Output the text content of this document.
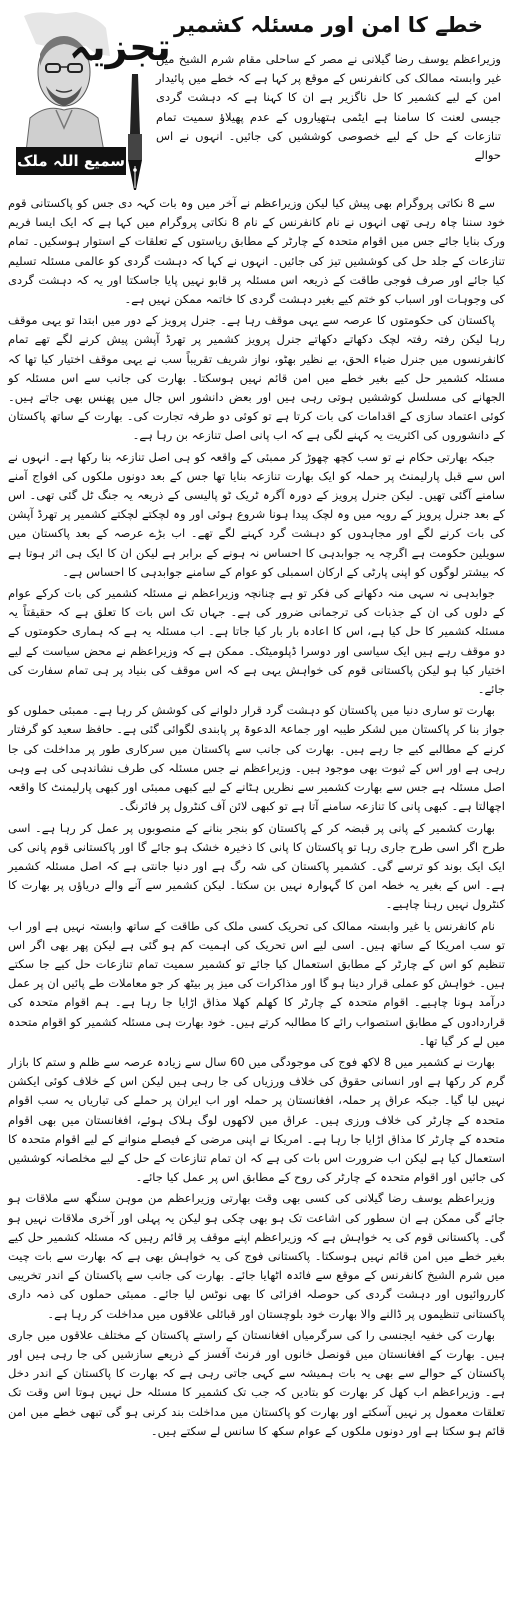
تجزیہ
سمیع اللہ ملک
خطے کا امن اور مسئلہ کشمیر
وزیراعظم یوسف رضا گیلانی نے مصر کے ساحلی مقام شرم الشیخ میں غیر وابستہ ممالک کی کانفرنس کے موقع پر کہا ہے کہ خطے میں پائیدار امن کے لیے کشمیر کا حل ناگزیر ہے ان کا کہنا ہے کہ دہشت گردی جیسی لعنت کا سامنا ہے ایٹمی ہتھیاروں کے عدم پھیلاؤ سمیت تمام تنازعات کے حل کے لیے خصوصی کوششیں کی جائیں۔ انہوں نے اس حوالے

سے 8 نکاتی پروگرام بھی پیش کیا لیکن وزیراعظم نے آخر میں وہ بات کہہ دی جس کو پاکستانی قوم خود سننا چاہ رہی تھی انہوں نے نام کانفرنس کے نام 8 نکاتی پروگرام میں کہا ہے کہ ایک ایسا فریم ورک بنایا جائے جس میں اقوام متحدہ کے چارٹر کے مطابق ریاستوں کے تعلقات کے استوار ہوسکیں۔ تمام تنازعات کے جلد حل کی کوششیں تیز کی جائیں۔ انہوں نے کہا کہ دہشت گردی کو عالمی مسئلہ تسلیم کیا جائے اور صرف فوجی طاقت کے ذریعہ اس مسئلہ پر قابو نہیں پایا جاسکتا اور یہ کہ دہشت گردی کی وجوہات اور اسباب کو ختم کیے بغیر دہشت گردی کا خاتمہ ممکن نہیں ہے۔

پاکستان کی حکومتوں کا عرصہ سے یہی موقف رہا ہے۔ جنرل پرویز کے دور میں ابتدا تو یہی موقف رہا لیکن رفتہ رفتہ لچک دکھاتے دکھاتے جنرل پرویز کشمیر پر تھرڈ آپشن پیش کرنے لگے تھے تمام کانفرنسوں میں جنرل ضیاء الحق، بے نظیر بھٹو، نواز شریف تقریباً سب نے یہی موقف اختیار کیا تھا کہ مسئلہ کشمیر حل کیے بغیر خطے میں امن قائم نہیں ہوسکتا۔ بھارت کی جانب سے اس مسئلہ کو الجھانے کی مسلسل کوششیں ہوتی رہی ہیں اور بعض دانشور اس جال میں پھنس بھی جاتے ہیں۔ کوئی اعتماد سازی کے اقدامات کی بات کرتا ہے تو کوئی دو طرفہ تجارت کی۔ بھارت کے ساتھ پاکستان کے دانشوروں کی اکثریت یہ کہنے لگی ہے کہ اب پانی اصل تنازعہ بن رہا ہے۔

جبکہ بھارتی حکام نے تو سب کچھ چھوڑ کر ممبئی کے واقعہ کو ہی اصل تنازعہ بنا رکھا ہے۔ انہوں نے اس سے قبل پارلیمنٹ پر حملہ کو ایک بھارت تنازعہ بنایا تھا جس کے بعد دونوں ملکوں کی افواج آمنے سامنے آگئی تھیں۔ لیکن جنرل پرویز کے دورہ آگرہ ٹریک ٹو پالیسی کے ذریعہ یہ جنگ ٹل گئی تھی۔ اس کے بعد جنرل پرویز کے رویہ میں وہ لچک پیدا ہونا شروع ہوئی اور وہ لچکتے لچکتے کشمیر پر تھرڈ آپشن کی بات کرنے لگے اور مجاہدوں کو دہشت گرد کہنے لگے تھے۔ اب بڑے عرصہ کے بعد پاکستان میں سویلین حکومت ہے اگرچہ یہ جوابدہی کا احساس نہ ہونے کے برابر ہے لیکن ان کا ایک ہی اثر ہوتا ہے کہ بیشتر لوگوں کو اپنی پارٹی کے ارکان اسمبلی کو عوام کے سامنے جوابدہی کا احساس ہے۔

جوابدہی نہ سہی منہ دکھانے کی فکر تو ہے چنانچہ وزیراعظم نے مسئلہ کشمیر کی بات کرکے عوام کے دلوں کی ان کے جذبات کی ترجمانی ضرور کی ہے۔ جہاں تک اس بات کا تعلق ہے کہ حقیقتاً یہ مسئلہ کشمیر کا حل کیا ہے، اس کا اعادہ بار بار کیا جاتا ہے۔ اب مسئلہ یہ ہے کہ ہماری حکومتوں کے دو موقف رہے ہیں ایک سیاسی اور دوسرا ڈپلومیٹک۔ ممکن ہے کہ وزیراعظم نے محض سیاست کے لیے اختیار کیا ہو لیکن پاکستانی قوم کی خواہش یہی ہے کہ اس موقف کی بنیاد پر ہی تمام سفارت کی جائے۔

بھارت تو ساری دنیا میں پاکستان کو دہشت گرد قرار دلوانے کی کوشش کر رہا ہے۔ ممبئی حملوں کو جواز بنا کر پاکستان میں لشکر طیبہ اور جماعۃ الدعوۃ پر پابندی لگوائی گئی ہے۔ حافظ سعید کو گرفتار کرنے کے مطالبے کیے جا رہے ہیں۔ بھارت کی جانب سے پاکستان میں سرکاری طور پر مداخلت کی جا رہی ہے اور اس کے ثبوت بھی موجود ہیں۔ وزیراعظم نے جس مسئلہ کی طرف نشاندہی کی ہے وہی اصل مسئلہ ہے جس سے بھارت کشمیر سے نظریں ہٹانے کے لیے کبھی ممبئی اور کبھی پارلیمنٹ کا واقعہ اچھالتا ہے۔ کبھی پانی کا تنازعہ سامنے آتا ہے تو کبھی لائن آف کنٹرول پر فائرنگ۔

بھارت کشمیر کے پانی پر قبضہ کر کے پاکستان کو بنجر بنانے کے منصوبوں پر عمل کر رہا ہے۔ اسی طرح اگر اسی طرح جاری رہا تو پاکستان کا پانی کا ذخیرہ خشک ہو جائے گا اور پاکستانی قوم پانی کی ایک ایک بوند کو ترسے گی۔ کشمیر پاکستان کی شہ رگ ہے اور دنیا جانتی ہے کہ اصل مسئلہ کشمیر ہے۔ اس کے بغیر یہ خطہ امن کا گہوارہ نہیں بن سکتا۔ لیکن کشمیر سے آنے والے دریاؤں پر بھارت کا کنٹرول نہیں رہنا چاہیے۔

نام کانفرنس یا غیر وابستہ ممالک کی تحریک کسی ملک کی طاقت کے ساتھ وابستہ نہیں ہے اور اب تو سب امریکا کے ساتھ ہیں۔ اسی لیے اس تحریک کی اہمیت کم ہو گئی ہے لیکن پھر بھی اگر اس تنظیم کو اس کے چارٹر کے مطابق استعمال کیا جائے تو کشمیر سمیت تمام تنازعات حل کیے جا سکتے ہیں۔ خواہش کو عملی قرار دینا ہو گا اور مذاکرات کی میز پر بیٹھ کر جو معاملات طے پائیں ان پر عمل درآمد ہونا چاہیے۔ اقوام متحدہ کے چارٹر کا کھلم کھلا مذاق اڑایا جا رہا ہے۔ ہم اقوام متحدہ کی قراردادوں کے مطابق استصواب رائے کا مطالبہ کرتے ہیں۔ خود بھارت ہی مسئلہ کشمیر کو اقوام متحدہ میں لے کر گیا تھا۔

بھارت نے کشمیر میں 8 لاکھ فوج کی موجودگی میں 60 سال سے زیادہ عرصہ سے ظلم و ستم کا بازار گرم کر رکھا ہے اور انسانی حقوق کی خلاف ورزیاں کی جا رہی ہیں لیکن اس کے خلاف کوئی ایکشن نہیں لیا گیا۔ جبکہ عراق پر حملہ، افغانستان پر حملہ اور اب ایران پر حملے کی تیاریاں یہ سب اقوام متحدہ کے چارٹر کی خلاف ورزی ہیں۔ عراق میں لاکھوں لوگ ہلاک ہوئے، افغانستان میں بھی اقوام متحدہ کے چارٹر کا مذاق اڑایا جا رہا ہے۔ امریکا نے اپنی مرضی کے فیصلے منوانے کے لیے اقوام متحدہ کا استعمال کیا ہے لیکن اب ضرورت اس بات کی ہے کہ ان تمام تنازعات کے حل کے لیے مخلصانہ کوششیں کی جائیں اور اقوام متحدہ کے چارٹر کی روح کے مطابق اس پر عمل کیا جائے۔

وزیراعظم یوسف رضا گیلانی کی کسی بھی وقت بھارتی وزیراعظم من موہن سنگھ سے ملاقات ہو جائے گی ممکن ہے ان سطور کی اشاعت تک ہو بھی چکی ہو لیکن یہ پہلی اور آخری ملاقات نہیں ہو گی۔ پاکستانی قوم کی یہ خواہش ہے کہ وزیراعظم اپنے موقف پر قائم رہیں کہ مسئلہ کشمیر حل کیے بغیر خطے میں امن قائم نہیں ہوسکتا۔ پاکستانی فوج کی یہ خواہش بھی ہے کہ بھارت سے بات چیت میں شرم الشیخ کانفرنس کے موقع سے فائدہ اٹھایا جائے۔ بھارت کی جانب سے پاکستان کے اندر تخریبی کارروائیوں اور دہشت گردی کی حوصلہ افزائی کا بھی نوٹس لیا جائے۔ ممبئی حملوں کی ذمہ داری پاکستانی تنظیموں پر ڈالنے والا بھارت خود بلوچستان اور قبائلی علاقوں میں مداخلت کر رہا ہے۔

بھارت کی خفیہ ایجنسی را کی سرگرمیاں افغانستان کے راستے پاکستان کے مختلف علاقوں میں جاری ہیں۔ بھارت کے افغانستان میں قونصل خانوں اور فرنٹ آفسز کے ذریعے سازشیں کی جا رہی ہیں اور پاکستان کے حوالے سے بھی یہ بات ہمیشہ سے کہی جاتی رہی ہے کہ بھارت کا پاکستان کے اندر دخل ہے۔ وزیراعظم اب کھل کر بھارت کو بتادیں کہ جب تک کشمیر کا مسئلہ حل نہیں ہوتا اس وقت تک تعلقات معمول پر نہیں آسکتے اور بھارت کو پاکستان میں مداخلت بند کرنی ہو گی تبھی خطے میں امن قائم ہو سکتا ہے اور دونوں ملکوں کے عوام سکھ کا سانس لے سکتے ہیں۔
